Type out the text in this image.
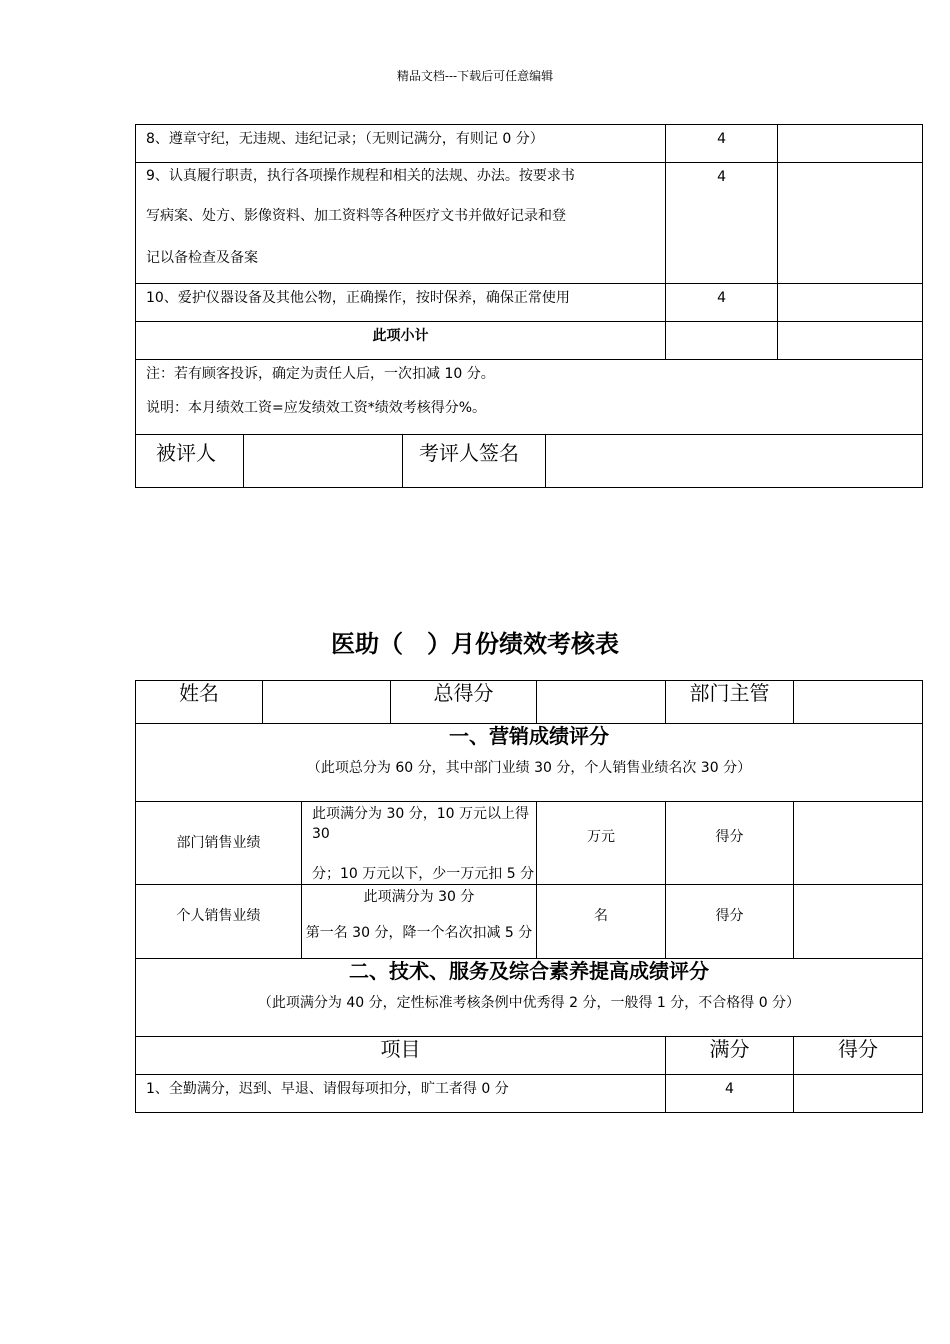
精品文档---下载后可任意编辑
8、遵章守纪，无违规、违纪记录；（无则记满分，有则记 0 分）				4	

9、认真履行职责，执行各项操作规程和相关的法规、办法。按要求书
写病案、处方、影像资料、加工资料等各种医疗文书并做好记录和登
记以备检查及备案				4	
10、爱护仪器设备及其他公物，正确操作，按时保养，确保正常使用				4	
此项小计					

注：若有顾客投诉，确定为责任人后，一次扣减 10 分。
说明：本月绩效工资=应发绩效工资*绩效考核得分%。					

被评人		考评人签名			
医助（　）月份绩效考核表
姓名			总得分		部门主管	

一、营销成绩评分
（此项总分为 60 分，其中部门业绩 30 分，个人销售业绩名次 30 分）						

部门销售业绩		此项满分为 30 分，10 万元以上得 30
分；10 万元以下，少一万元扣 5 分		万元	得分	
个人销售业绩		此项满分为 30 分
第一名 30 分，降一个名次扣减 5 分		名	得分	

二、技术、服务及综合素养提高成绩评分
（此项满分为 40 分，定性标准考核条例中优秀得 2 分，一般得 1 分，不合格得 0 分）						

项目					满分	得分
1、全勤满分，迟到、早退、请假每项扣分，旷工者得 0 分					4	
